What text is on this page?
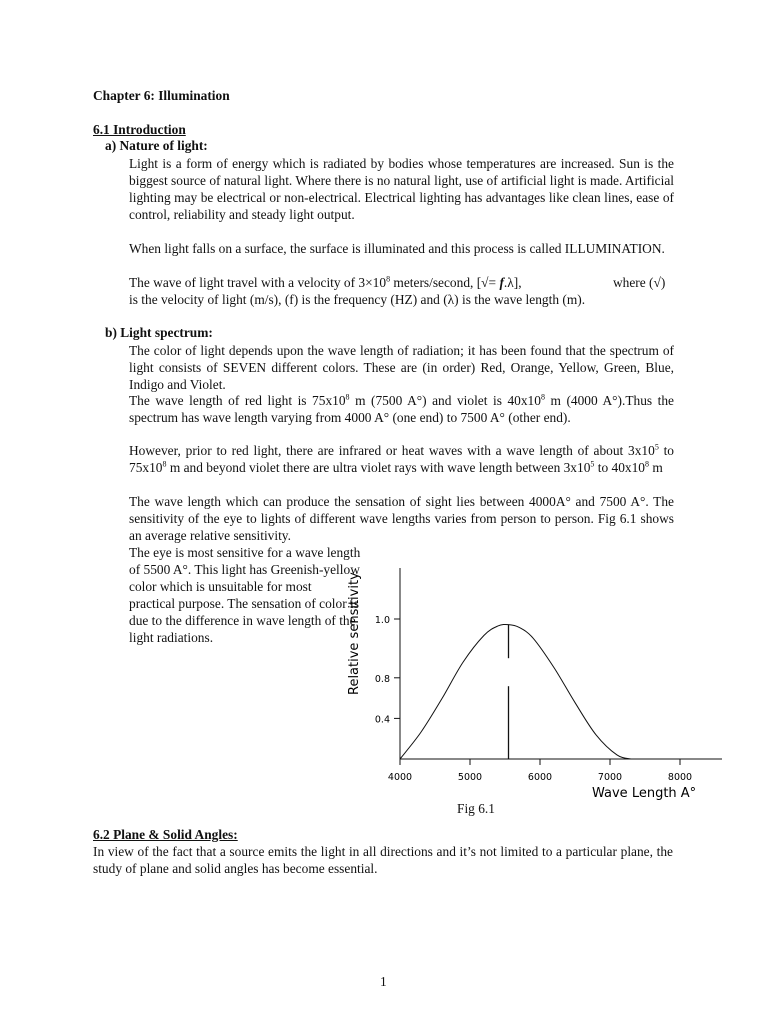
Chapter 6: Illumination
6.1 Introduction
a) Nature of light:
Light is a form of energy which is radiated by bodies whose temperatures are increased. Sun is the biggest source of natural light. Where there is no natural light, use of artificial light is made. Artificial lighting may be electrical or non-electrical. Electrical lighting has advantages like clean lines, ease of control, reliability and steady light output.
When light falls on a surface, the surface is illuminated and this process is called ILLUMINATION.
The wave of light travel with a velocity of $3\times 10^8$ meters/second, [√= f.λ],	where (√)
is the velocity of light (m/s), (f) is the frequency (HZ) and (λ) is the wave length (m).
b) Light spectrum:
The color of light depends upon the wave length of radiation; it has been found that the spectrum of light consists of SEVEN different colors. These are (in order) Red, Orange, Yellow, Green, Blue, Indigo and Violet.
The wave length of red light is $75x10^8$ m (7500 A°) and violet is $40x10^8$ m (4000 A°).Thus the spectrum has wave length varying from 4000 A° (one end) to 7500 A° (other end).
However, prior to red light, there are infrared or heat waves with a wave length of about $3x10^5$ to $75x10^8$ m and beyond violet there are ultra violet rays with wave length between $3x10^5$ to $40x10^8$ m
The wave length which can produce the sensation of sight lies between 4000A° and 7500 A°. The sensitivity of the eye to lights of different wave lengths varies from person to person. Fig 6.1 shows an average relative sensitivity.
The eye is most sensitive for a wave length of 5500 A°. This light has Greenish-yellow color which is unsuitable for most practical purpose. The sensation of color is due to the difference in wave length of the light radiations.
4000	5000	6000	7000	8000
0.4
0.8
1.0
Relative sensitivity
Wave Length A°
Fig 6.1
6.2 Plane & Solid Angles:
In view of the fact that a source emits the light in all directions and it’s not limited to a particular plane, the study of plane and solid angles has become essential.
1
